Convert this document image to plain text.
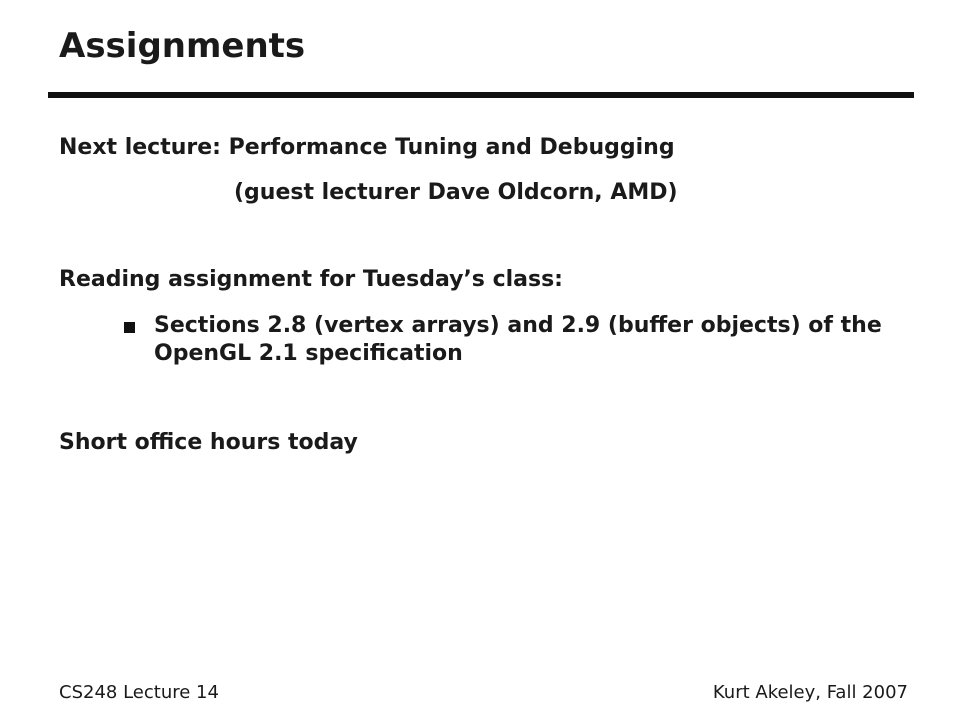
Assignments
Next lecture: Performance Tuning and Debugging
(guest lecturer Dave Oldcorn, AMD)
Reading assignment for Tuesday’s class:
Sections 2.8 (vertex arrays) and 2.9 (buffer objects) of the OpenGL 2.1 specification
Short office hours today
CS248 Lecture 14	Kurt Akeley, Fall 2007
